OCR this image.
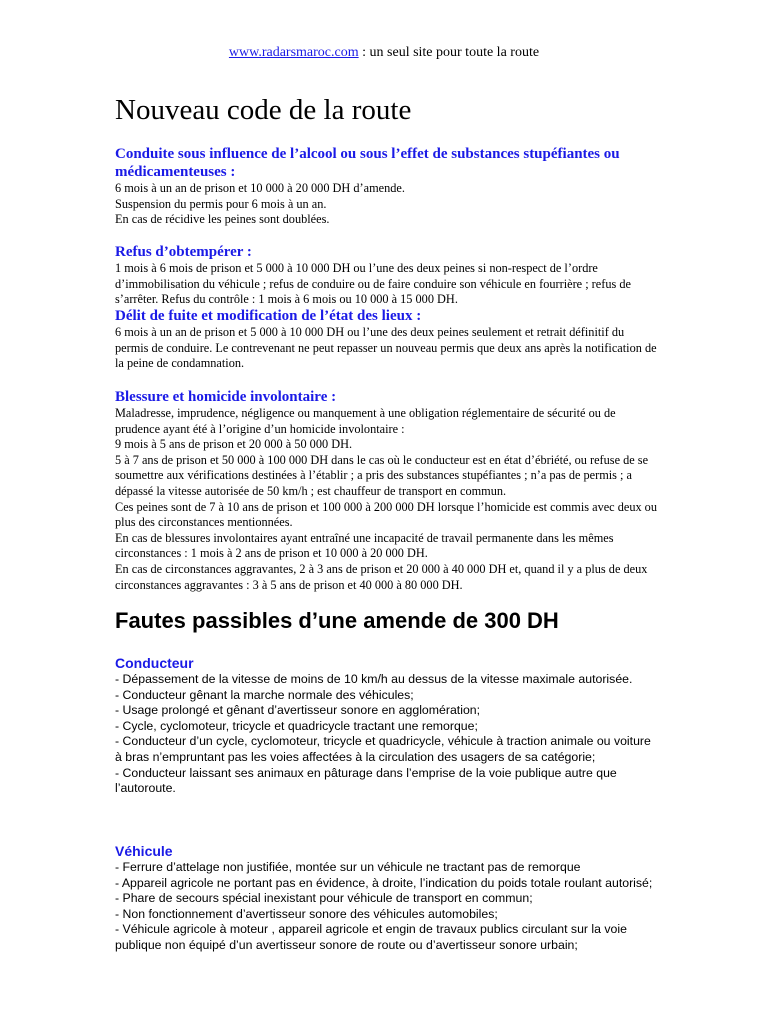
www.radarsmaroc.com : un seul site pour toute la route
Nouveau code de la route

Conduite sous influence de l’alcool ou sous l’effet de substances stupéfiantes ou médicamenteuses :

6 mois à un an de prison et 10 000 à 20 000 DH d’amende.

Suspension du permis pour 6 mois à un an.

En cas de récidive les peines sont doublées.

Refus d’obtempérer :

1 mois à 6 mois de prison et 5 000 à 10 000 DH ou l’une des deux peines si non-respect de l’ordre d’immobilisation du véhicule ; refus de conduire ou de faire conduire son véhicule en fourrière ; refus de s’arrêter. Refus du contrôle : 1 mois à 6 mois ou 10 000 à 15 000 DH.

Délit de fuite et modification de l’état des lieux :

6 mois à un an de prison et 5 000 à 10 000 DH ou l’une des deux peines seulement et retrait définitif du permis de conduire. Le contrevenant ne peut repasser un nouveau permis que deux ans après la notification de la peine de condamnation.

Blessure et homicide involontaire :

Maladresse, imprudence, négligence ou manquement à une obligation réglementaire de sécurité ou de prudence ayant été à l’origine d’un homicide involontaire :

9 mois à 5 ans de prison et 20 000 à 50 000 DH.

5 à 7 ans de prison et 50 000 à 100 000 DH dans le cas où le conducteur est en état d’ébriété, ou refuse de se soumettre aux vérifications destinées à l’établir ; a pris des substances stupéfiantes ; n’a pas de permis ; a dépassé la vitesse autorisée de 50 km/h ; est chauffeur de transport en commun.

Ces peines sont de 7 à 10 ans de prison et 100 000 à 200 000 DH lorsque l’homicide est commis avec deux ou plus des circonstances mentionnées.

En cas de blessures involontaires ayant entraîné une incapacité de travail permanente dans les mêmes circonstances : 1 mois à 2 ans de prison et 10 000 à 20 000 DH.

En cas de circonstances aggravantes, 2 à 3 ans de prison et 20 000 à 40 000 DH et, quand il y a plus de deux circonstances aggravantes : 3 à 5 ans de prison et 40 000 à 80 000 DH.

Fautes passibles d’une amende de 300 DH

Conducteur

- Dépassement de la vitesse de moins de 10 km/h au dessus de la vitesse maximale autorisée.

- Conducteur gênant la marche normale des véhicules;

- Usage prolongé et gênant d’avertisseur sonore en agglomération;

- Cycle, cyclomoteur, tricycle et quadricycle tractant une remorque;

- Conducteur d’un cycle, cyclomoteur, tricycle et quadricycle, véhicule à traction animale ou voiture à bras n’empruntant pas les voies affectées à la circulation des usagers de sa catégorie;

- Conducteur laissant ses animaux en pâturage dans l’emprise de la voie publique autre que l’autoroute.

Véhicule

- Ferrure d’attelage non justifiée, montée sur un véhicule ne tractant pas de remorque

- Appareil agricole ne portant pas en évidence, à droite, l’indication du poids totale roulant autorisé;

- Phare de secours spécial inexistant pour véhicule de transport en commun;

- Non fonctionnement d’avertisseur sonore des véhicules automobiles;

- Véhicule agricole à moteur , appareil agricole et engin de travaux publics circulant sur la voie publique non équipé d’un avertisseur sonore de route ou d’avertisseur sonore urbain;
